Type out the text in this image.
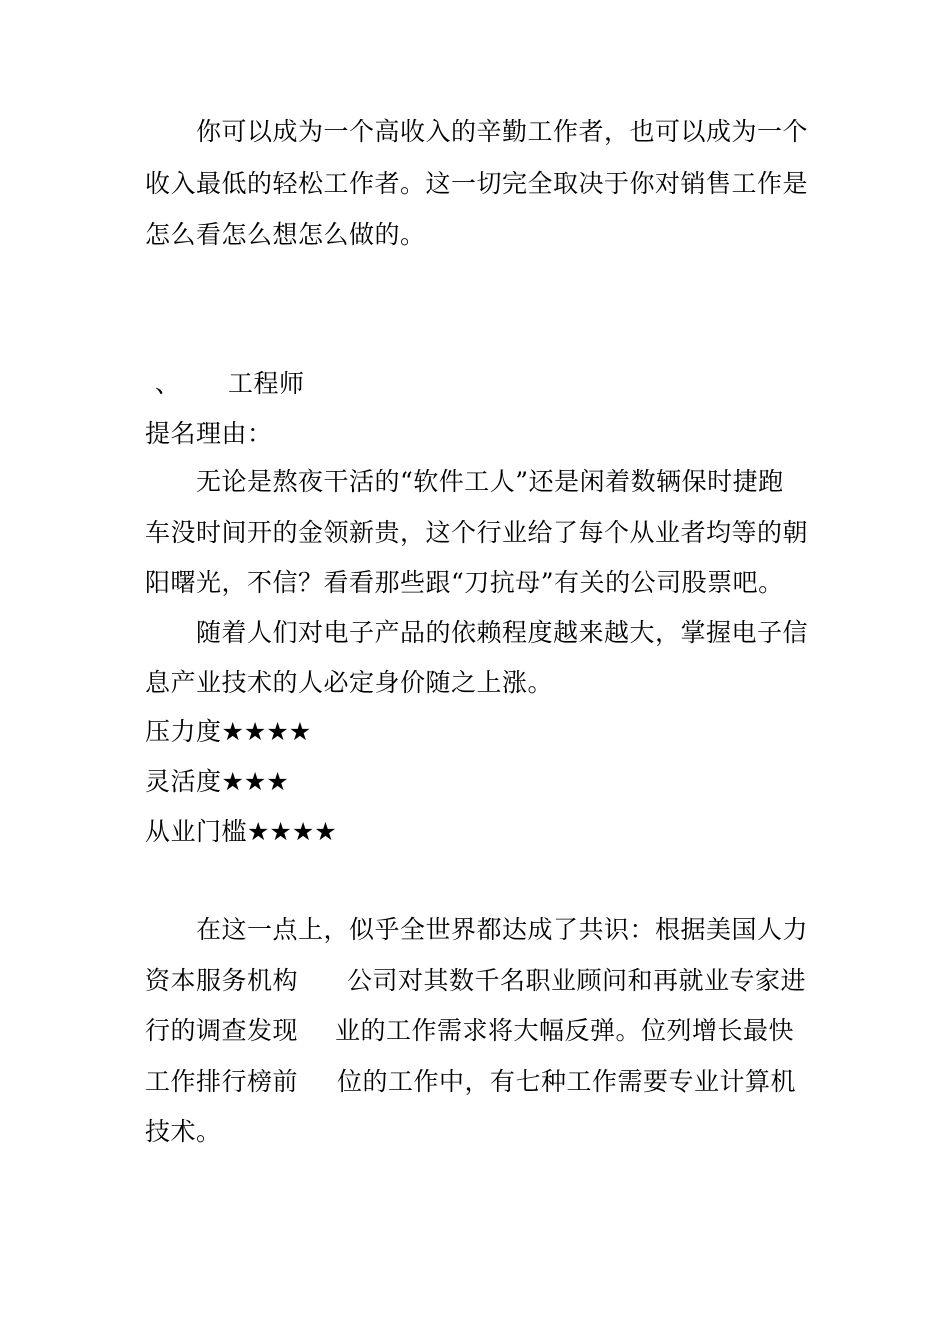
你可以成为一个高收入的辛勤工作者，也可以成为一个
收入最低的轻松工作者。这一切完全取决于你对销售工作是
怎么看怎么想怎么做的。
、 工程师
提名理由：
无论是熬夜干活的“软件工人”还是闲着数辆保时捷跑
车没时间开的金领新贵，这个行业给了每个从业者均等的朝
阳曙光，不信？看看那些跟“刀抗母”有关的公司股票吧。
随着人们对电子产品的依赖程度越来越大，掌握电子信
息产业技术的人必定身价随之上涨。
压力度★★★★
灵活度★★★
从业门槛★★★★
在这一点上，似乎全世界都达成了共识：根据美国人力
资本服务机构 公司对其数千名职业顾问和再就业专家进
行的调查发现 业的工作需求将大幅反弹。位列增长最快
工作排行榜前 位的工作中，有七种工作需要专业计算机
技术。
